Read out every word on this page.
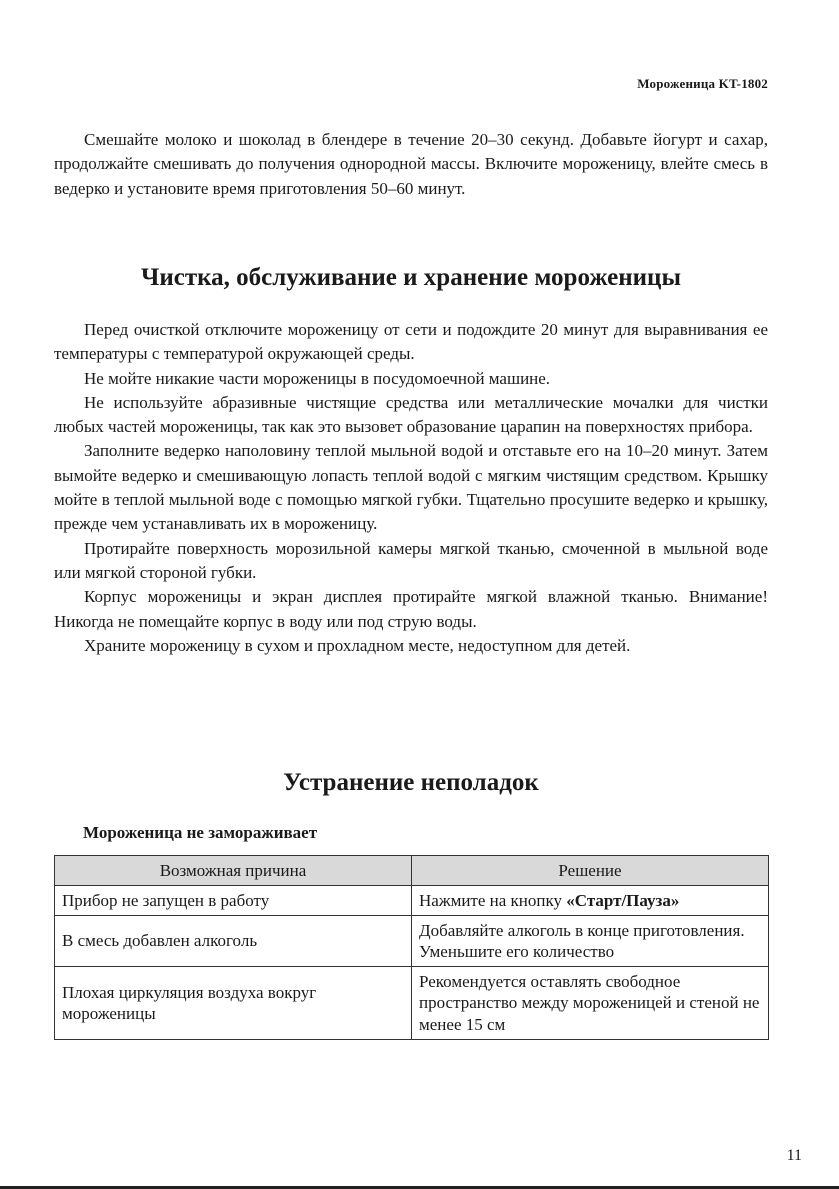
Мороженица KT-1802

Смешайте молоко и шоколад в блендере в течение 20–30 секунд. Добавьте йогурт и сахар, продолжайте смешивать до получения однородной массы. Включите мороженицу, влейте смесь в ведерко и установите время приготовления 50–60 минут.

Чистка, обслуживание и хранение мороженицы

Перед очисткой отключите мороженицу от сети и подождите 20 минут для выравнивания ее температуры с температурой окружающей среды.

Не мойте никакие части мороженицы в посудомоечной машине.

Не используйте абразивные чистящие средства или металлические мочалки для чистки любых частей мороженицы, так как это вызовет образование царапин на поверхностях прибора.

Заполните ведерко наполовину теплой мыльной водой и отставьте его на 10–20 минут. Затем вымойте ведерко и смешивающую лопасть теплой водой с мягким чистящим средством. Крышку мойте в теплой мыльной воде с помощью мягкой губки. Тщательно просушите ведерко и крышку, прежде чем устанавливать их в мороженицу.

Протирайте поверхность морозильной камеры мягкой тканью, смоченной в мыльной воде или мягкой стороной губки.

Корпус мороженицы и экран дисплея протирайте мягкой влажной тканью. Внимание! Никогда не помещайте корпус в воду или под струю воды.

Храните мороженицу в сухом и прохладном месте, недоступном для детей.

Устранение неполадок
Мороженица не замораживает
Возможная причина	Решение
Прибор не запущен в работу	Нажмите на кнопку «Старт/Пауза»
В смесь добавлен алкоголь	Добавляйте алкоголь в конце приготовления. Уменьшите его количество
Плохая циркуляция воздуха вокруг мороженицы	Рекомендуется оставлять свободное пространство между мороженицей и стеной не менее 15 см
11
